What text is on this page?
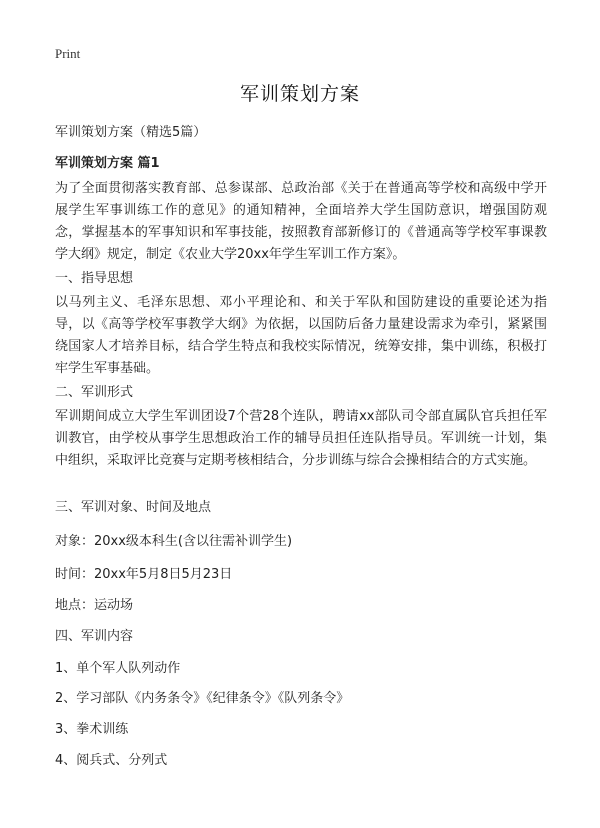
Print
军训策划方案

军训策划方案（精选5篇）

军训策划方案 篇1

为了全面贯彻落实教育部、总参谋部、总政治部《关于在普通高等学校和高级中学开展学生军事训练工作的意见》的通知精神，全面培养大学生国防意识，增强国防观念，掌握基本的军事知识和军事技能，按照教育部新修订的《普通高等学校军事课教学大纲》规定，制定《农业大学20xx年学生军训工作方案》。

一、指导思想

以马列主义、毛泽东思想、邓小平理论和、和关于军队和国防建设的重要论述为指导，以《高等学校军事教学大纲》为依据，以国防后备力量建设需求为牵引，紧紧围绕国家人才培养目标，结合学生特点和我校实际情况，统筹安排，集中训练，积极打牢学生军事基础。

二、军训形式

军训期间成立大学生军训团设7个营28个连队，聘请xx部队司令部直属队官兵担任军训教官，由学校从事学生思想政治工作的辅导员担任连队指导员。军训统一计划，集中组织，采取评比竞赛与定期考核相结合，分步训练与综合会操相结合的方式实施。

三、军训对象、时间及地点

对象：20xx级本科生(含以往需补训学生)

时间：20xx年5月8日5月23日

地点：运动场

四、军训内容

1、单个军人队列动作

2、学习部队《内务条令》《纪律条令》《队列条令》

3、拳术训练

4、阅兵式、分列式
